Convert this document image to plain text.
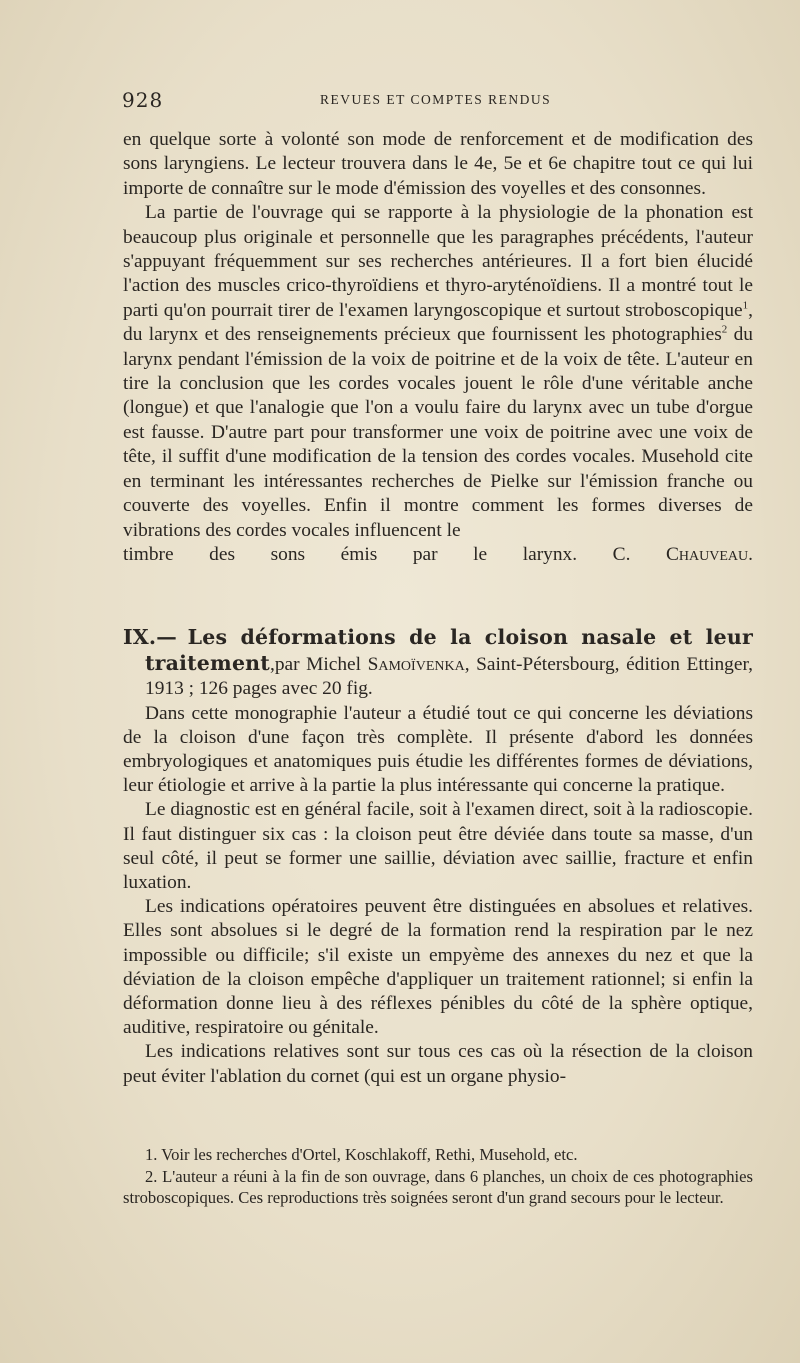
928	REVUES ET COMPTES RENDUS

en quelque sorte à volonté son mode de renforcement et de modification des sons laryngiens. Le lecteur trouvera dans le 4e, 5e et 6e chapitre tout ce qui lui importe de connaître sur le mode d'émission des voyelles et des consonnes.

La partie de l'ouvrage qui se rapporte à la physiologie de la phonation est beaucoup plus originale et personnelle que les paragraphes précédents, l'auteur s'appuyant fréquemment sur ses recherches antérieures. Il a fort bien élucidé l'action des muscles crico-thyroïdiens et thyro-aryténoïdiens. Il a montré tout le parti qu'on pourrait tirer de l'examen laryngoscopique et surtout stroboscopique$^1$, du larynx et des renseignements précieux que fournissent les photographies$^2$ du larynx pendant l'émission de la voix de poitrine et de la voix de tête. L'auteur en tire la conclusion que les cordes vocales jouent le rôle d'une véritable anche (longue) et que l'analogie que l'on a voulu faire du larynx avec un tube d'orgue est fausse. D'autre part pour transformer une voix de poitrine avec une voix de tête, il suffit d'une modification de la tension des cordes vocales. Musehold cite en terminant les intéressantes recherches de Pielke sur l'émission franche ou couverte des voyelles. Enfin il montre comment les formes diverses de vibrations des cordes vocales influencent le

timbre des sons émis par le larynx. C. Chauveau.

IX.— Les déformations de la cloison nasale et leur traitement,par Michel Samoïvenka, Saint-Pétersbourg, édition Ettinger, 1913 ; 126 pages avec 20 fig.

Dans cette monographie l'auteur a étudié tout ce qui concerne les déviations de la cloison d'une façon très complète. Il présente d'abord les données embryologiques et anatomiques puis étudie les différentes formes de déviations, leur étiologie et arrive à la partie la plus intéressante qui concerne la pratique.

Le diagnostic est en général facile, soit à l'examen direct, soit à la radioscopie. Il faut distinguer six cas : la cloison peut être déviée dans toute sa masse, d'un seul côté, il peut se former une saillie, déviation avec saillie, fracture et enfin luxation.

Les indications opératoires peuvent être distinguées en absolues et relatives. Elles sont absolues si le degré de la formation rend la respiration par le nez impossible ou difficile; s'il existe un empyème des annexes du nez et que la déviation de la cloison empêche d'appliquer un traitement rationnel; si enfin la déformation donne lieu à des réflexes pénibles du côté de la sphère optique, auditive, respiratoire ou génitale.

Les indications relatives sont sur tous ces cas où la résection de la cloison peut éviter l'ablation du cornet (qui est un organe physio-

1. Voir les recherches d'Ortel, Koschlakoff, Rethi, Musehold, etc.

2. L'auteur a réuni à la fin de son ouvrage, dans 6 planches, un choix de ces photographies stroboscopiques. Ces reproductions très soignées seront d'un grand secours pour le lecteur.
